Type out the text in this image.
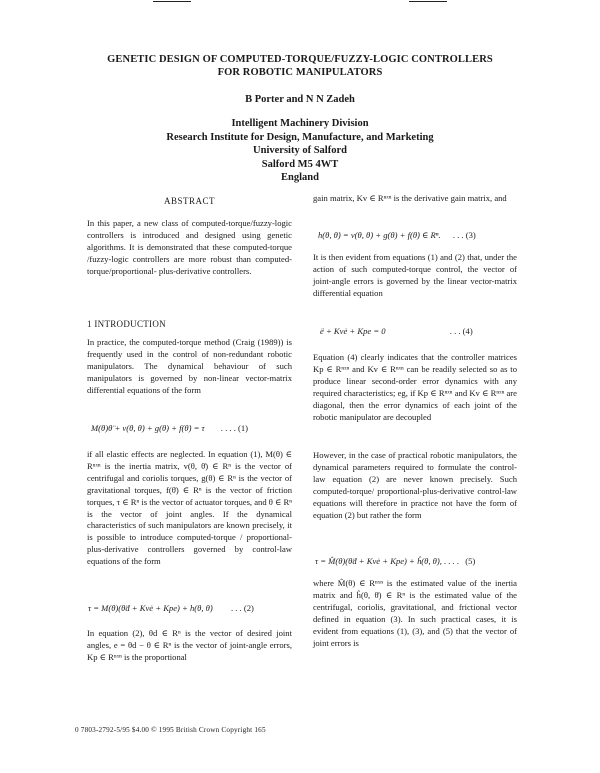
GENETIC DESIGN OF COMPUTED-TORQUE/FUZZY-LOGIC CONTROLLERS
FOR ROBOTIC MANIPULATORS
B Porter and N N Zadeh
Intelligent Machinery Division
Research Institute for Design, Manufacture, and Marketing
University of Salford
Salford M5 4WT
England
ABSTRACT

In this paper, a new class of computed-torque/fuzzy-logic controllers is introduced and designed using genetic algorithms. It is demonstrated that these computed-torque /fuzzy-logic controllers are more robust than computed- torque/proportional- plus-derivative controllers.

1 INTRODUCTION

In practice, the computed-torque method (Craig (1989)) is frequently used in the control of non-redundant robotic manipulators. The dynamical behaviour of such manipulators is governed by non-linear vector-matrix differential equations of the form

M(θ)θ̈ + v(θ, θ̇) + g(θ) + f(θ̇) = τ . . . . (1)

if all elastic effects are neglected. In equation (1), M(θ) ∈ Rⁿˣⁿ is the inertia matrix, v(θ, θ̇) ∈ Rⁿ is the vector of centrifugal and coriolis torques, g(θ) ∈ Rⁿ is the vector of gravitational torques, f(θ̇) ∈ Rⁿ is the vector of friction torques, τ ∈ Rⁿ is the vector of actuator torques, and θ ∈ Rⁿ is the vector of joint angles. If the dynamical characteristics of such manipulators are known precisely, it is possible to introduce computed-torque / proportional-plus-derivative controllers governed by control-law equations of the form

τ = M(θ)(θ̈d + Kvė + Kpe) + h(θ, θ̇) . . . (2)

In equation (2), θd ∈ Rⁿ is the vector of desired joint angles, e = θd − θ ∈ Rⁿ is the vector of joint-angle errors, Kp ∈ Rⁿˣⁿ is the proportional

gain matrix, Kv ∈ Rⁿˣⁿ is the derivative gain matrix, and

h(θ, θ̇) = v(θ, θ̇) + g(θ) + f(θ̇) ∈ Rⁿ. . . . (3)

It is then evident from equations (1) and (2) that, under the action of such computed-torque control, the vector of joint-angle errors is governed by the linear vector-matrix differential equation

ë + Kvė + Kpe = 0	. . . (4)

Equation (4) clearly indicates that the controller matrices Kp ∈ Rⁿˣⁿ and Kv ∈ Rⁿˣⁿ can be readily selected so as to produce linear second-order error dynamics with any required characteristics; eg, if Kp ∈ Rⁿˣⁿ and Kv ∈ Rⁿˣⁿ are diagonal, then the error dynamics of each joint of the robotic manipulator are decoupled

However, in the case of practical robotic manipulators, the dynamical parameters required to formulate the control-law equation (2) are never known precisely. Such computed-torque/ proportional-plus-derivative control-law equations will therefore in practice not have the form of equation (2) but rather the form

τ = M̂(θ)(θ̈d + Kvė + Kpe) + ĥ(θ, θ̇), . . . . (5)

where M̂(θ) ∈ Rⁿˣⁿ is the estimated value of the inertia matrix and ĥ(θ, θ̇) ∈ Rⁿ is the estimated value of the centrifugal, coriolis, gravitational, and frictional vector defined in equation (3). In such practical cases, it is evident from equations (1), (3), and (5) that the vector of joint errors is

0 7803-2792-5/95 $4.00 © 1995 British Crown Copyright 165
